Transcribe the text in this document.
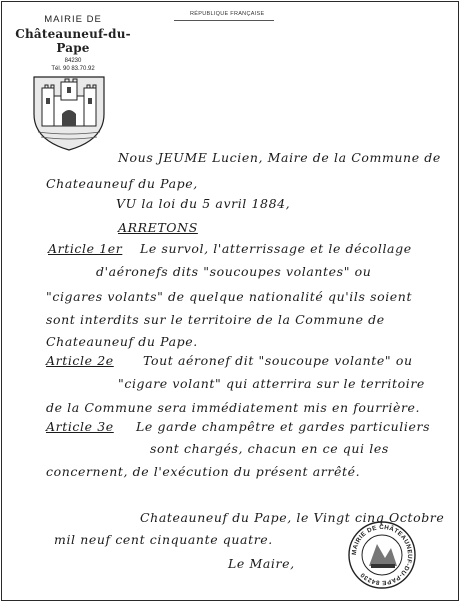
RÉPUBLIQUE FRANÇAISE
MAIRIE DE
Châteauneuf-du-Pape
84230
Tél. 90 83.70.92
Nous JEUME Lucien, Maire de la Commune de
Chateauneuf du Pape,
VU la loi du 5 avril 1884,
ARRETONS
Article 1er Le survol, l'atterrissage et le décollage
d'aéronefs dits "soucoupes volantes" ou
"cigares volants" de quelque nationalité qu'ils soient
sont interdits sur le territoire de la Commune de
Chateauneuf du Pape.
Article 2e Tout aéronef dit "soucoupe volante" ou
"cigare volant" qui atterrira sur le territoire
de la Commune sera immédiatement mis en fourrière.
Article 3e Le garde champêtre et gardes particuliers
sont chargés, chacun en ce qui les
concernent, de l'exécution du présent arrêté.
Chateauneuf du Pape, le Vingt cinq Octobre
mil neuf cent cinquante quatre.
Le Maire,
MAIRIE DE CHÂTEAUNEUF-DU-PAPE 84230
